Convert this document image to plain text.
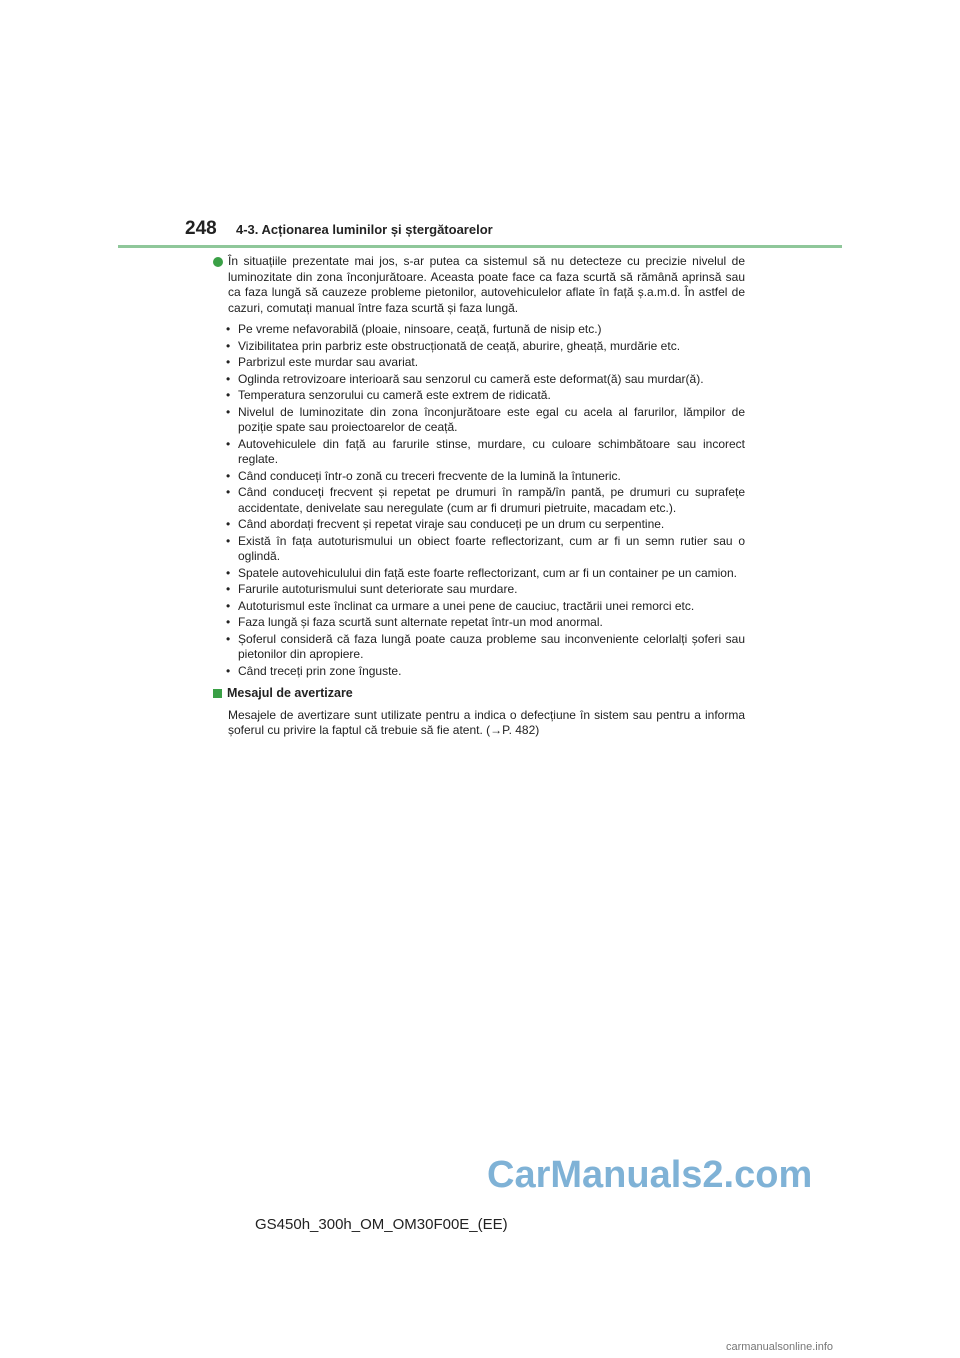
248 4-3. Acționarea luminilor și ștergătoarelor
În situațiile prezentate mai jos, s-ar putea ca sistemul să nu detecteze cu precizie nivelul de luminozitate din zona înconjurătoare. Aceasta poate face ca faza scurtă să rămână aprinsă sau ca faza lungă să cauzeze probleme pietonilor, autovehiculelor aflate în față ș.a.m.d. În astfel de cazuri, comutați manual între faza scurtă și faza lungă.
• Pe vreme nefavorabilă (ploaie, ninsoare, ceață, furtună de nisip etc.)
• Vizibilitatea prin parbriz este obstrucționată de ceață, aburire, gheață, murdărie etc.
• Parbrizul este murdar sau avariat.
• Oglinda retrovizoare interioară sau senzorul cu cameră este deformat(ă) sau murdar(ă).
• Temperatura senzorului cu cameră este extrem de ridicată.
• Nivelul de luminozitate din zona înconjurătoare este egal cu acela al farurilor, lămpilor de poziție spate sau proiectoarelor de ceață.
• Autovehiculele din față au farurile stinse, murdare, cu culoare schimbătoare sau incorect reglate.
• Când conduceți într-o zonă cu treceri frecvente de la lumină la întuneric.
• Când conduceți frecvent și repetat pe drumuri în rampă/în pantă, pe drumuri cu suprafețe accidentate, denivelate sau neregulate (cum ar fi drumuri pietruite, macadam etc.).
• Când abordați frecvent și repetat viraje sau conduceți pe un drum cu serpentine.
• Există în fața autoturismului un obiect foarte reflectorizant, cum ar fi un semn rutier sau o oglindă.
• Spatele autovehiculului din față este foarte reflectorizant, cum ar fi un container pe un camion.
• Farurile autoturismului sunt deteriorate sau murdare.
• Autoturismul este înclinat ca urmare a unei pene de cauciuc, tractării unei remorci etc.
• Faza lungă și faza scurtă sunt alternate repetat într-un mod anormal.
• Șoferul consideră că faza lungă poate cauza probleme sau inconveniente celorlalți șoferi sau pietonilor din apropiere.
• Când treceți prin zone înguste.
Mesajul de avertizare
Mesajele de avertizare sunt utilizate pentru a indica o defecțiune în sistem sau pentru a informa șoferul cu privire la faptul că trebuie să fie atent. (→P. 482)
CarManuals2.com
GS450h_300h_OM_OM30F00E_(EE)
carmanualsonline.info
